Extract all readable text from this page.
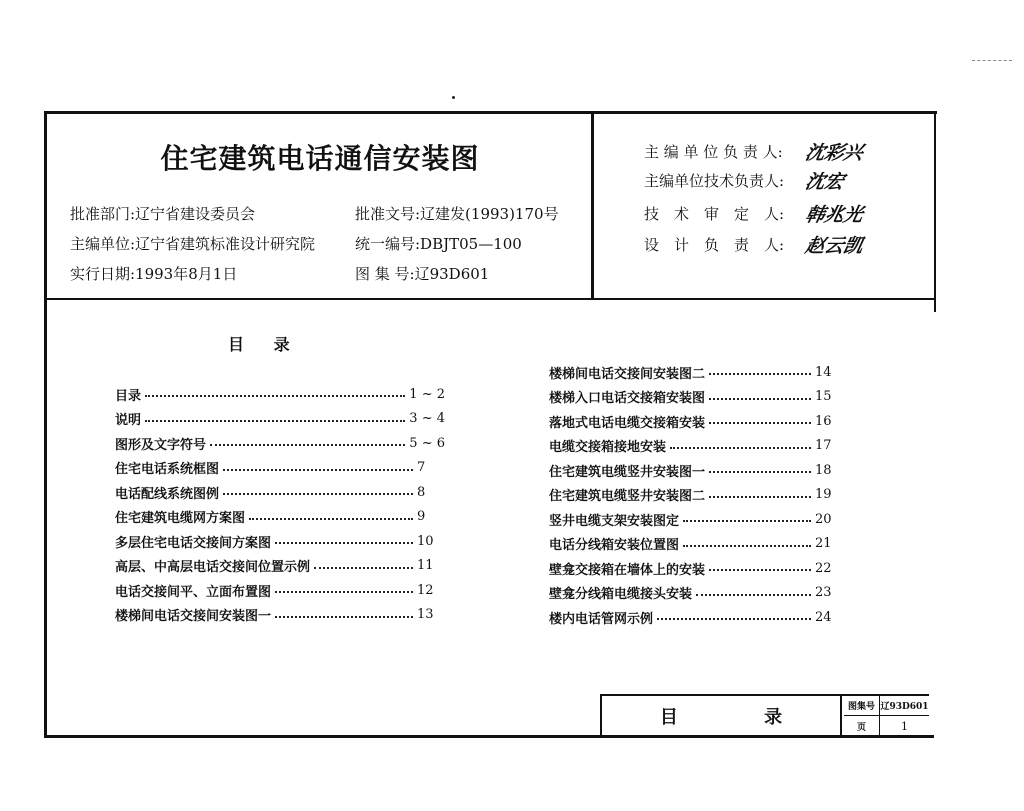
住宅建筑电话通信安装图
批准部门:辽宁省建设委员会	批准文号:辽建发(1993)170号
主编单位:辽宁省建筑标准设计研究院	统一编号:DBJT05—100
实行日期:1993年8月1日	图 集 号:辽93D601
主 编 单 位 负 责 人: 沈彩兴
主编单位技术负责人: 沈宏
技　术　审　定　人: 韩兆光
设　计　负　责　人: 赵云凯
目 录
目录	1 ~ 2
说明	3 ~ 4
图形及文字符号	5 ~ 6
住宅电话系统框图	7
电话配线系统图例	8
住宅建筑电缆网方案图	9
多层住宅电话交接间方案图	10
高层、中高层电话交接间位置示例	11
电话交接间平、立面布置图	12
楼梯间电话交接间安装图一	13
楼梯间电话交接间安装图二	14
楼梯入口电话交接箱安装图	15
落地式电话电缆交接箱安装	16
电缆交接箱接地安装	17
住宅建筑电缆竖井安装图一	18
住宅建筑电缆竖井安装图二	19
竖井电缆支架安装图定	20
电话分线箱安装位置图	21
壁龛交接箱在墙体上的安装	22
壁龛分线箱电缆接头安装	23
楼内电话管网示例	24
目 录	图集号 辽93D601
页	1
